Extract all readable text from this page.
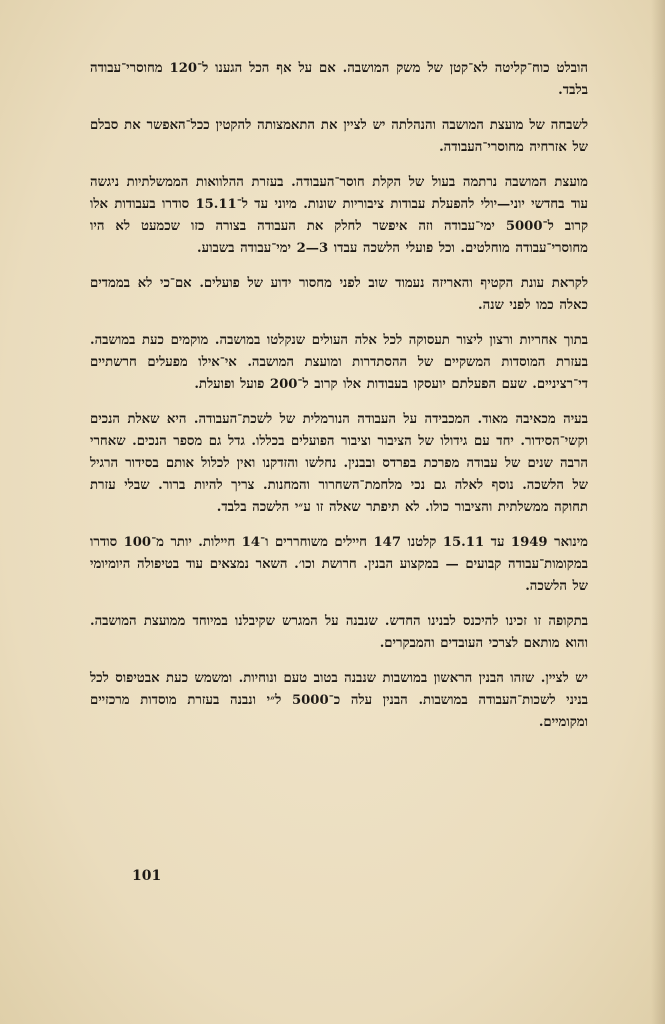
הובלט כוח־קליטה לא־קטן של משק המושבה. אם על אף הכל הגענו ל־120 מחוסרי־עבודה בלבד.

לשבחה של מועצת המושבה והנהלתה יש לציין את התאמצותה להקטין ככל־האפשר את סבלם של אזרחיה מחוסרי־העבודה.

מועצת המושבה נרתמה בעול של הקלת חוסר־העבודה. בעזרת ההלוואות הממשלתיות ניגשה עוד בחדשי יוני—יולי להפעלת עבודות ציבוריות שונות. מיוני עד ל־15.11 סודרו בעבודות אלו קרוב ל־5000 ימי־עבודה וזה איפשר לחלק את העבודה בצורה כזו שכמעט לא היו מחוסרי־עבודה מוחלטים. וכל פועלי הלשכה עבדו 3—2 ימי־עבודה בשבוע.

לקראת עונת הקטיף והאריזה נעמוד שוב לפני מחסור ידוע של פועלים. אם־כי לא בממדים כאלה כמו לפני שנה.

בתוך אחריות ורצון ליצור תעסוקה לכל אלה העולים שנקלטו במושבה. מוקמים כעת במושבה. בעזרת המוסדות המשקיים של ההסתדרות ומועצת המושבה. אי־אילו מפעלים חרשתיים די־רציניים. שעם הפעלתם יועסקו בעבודות אלו קרוב ל־200 פועל ופועלת.

בעיה מכאיבה מאוד. המכבידה על העבודה הנורמלית של לשכת־העבודה. היא שאלת הנכים וקשי־הסידור. יחד עם גידולו של הציבור וציבור הפועלים בכללו. גדל גם מספר הנכים. שאחרי הרבה שנים של עבודה מפרכת בפרדס ובבנין. נחלשו והזדקנו ואין לכלול אותם בסידור הרגיל של הלשכה. נוסף לאלה גם נכי מלחמת־השחרור והמחנות. צריך להיות ברור. שבלי עזרת תחוקה ממשלתית והציבור כולו. לא תיפתר שאלה זו ע״י הלשכה בלבד.

מינואר 1949 עד 15.11 קלטנו 147 חיילים משוחררים ו־14 חיילות. יותר מ־100 סודרו במקומות־עבודה קבועים — במקצוע הבנין. חרושת וכו׳. השאר נמצאים עוד בטיפולה היומיומי של הלשכה.

בתקופה זו זכינו להיכנס לבנינו החדש. שנבנה על המגרש שקיבלנו במיוחד ממועצת המושבה. והוא מותאם לצרכי העובדים והמבקרים.

יש לציין. שזהו הבנין הראשון במושבות שנבנה בטוב טעם ונוחיות. ומשמש כעת אבטיפוס לכל בניני לשכות־העבודה במושבות. הבנין עלה כ־5000 ל״י ונבנה בעזרת מוסדות מרכזיים ומקומיים.

101
